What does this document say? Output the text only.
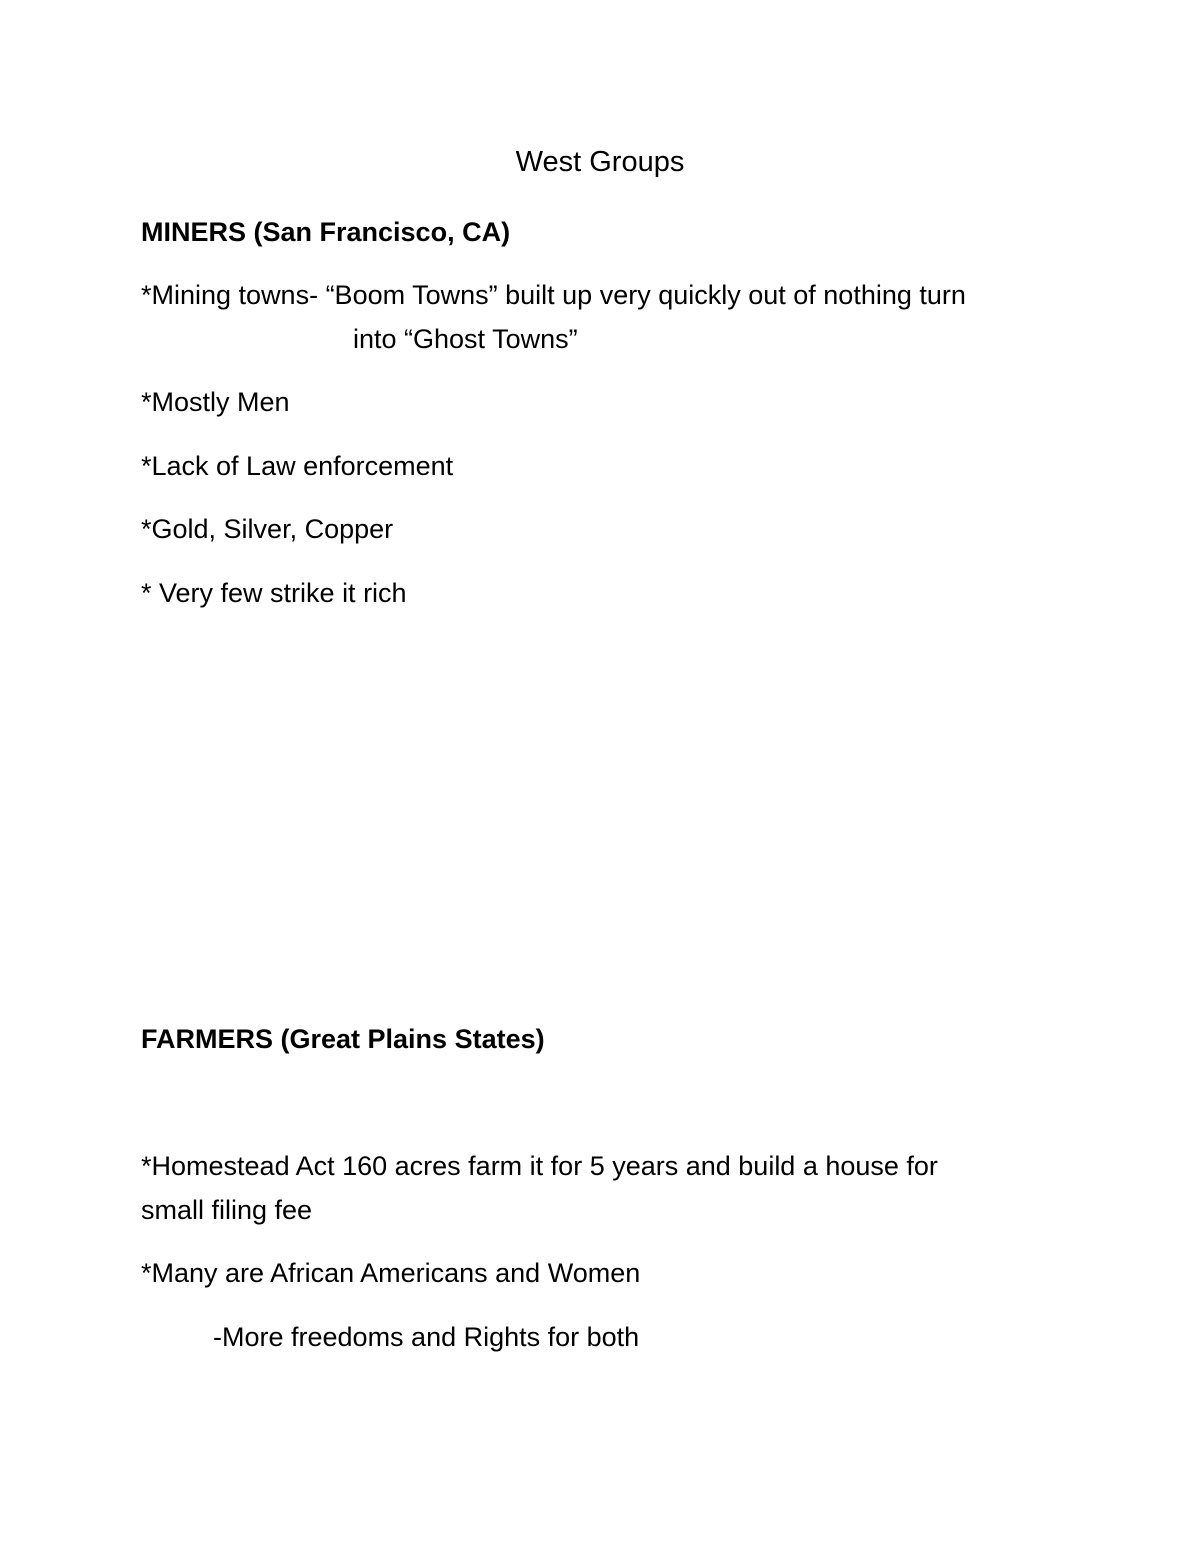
West Groups

MINERS (San Francisco, CA)

*Mining towns- “Boom Towns” built up very quickly out of nothing turn

into “Ghost Towns”

*Mostly Men

*Lack of Law enforcement

*Gold, Silver, Copper

* Very few strike it rich

FARMERS (Great Plains States)

*Homestead Act 160 acres farm it for 5 years and build a house for

small filing fee

*Many are African Americans and Women

-More freedoms and Rights for both
